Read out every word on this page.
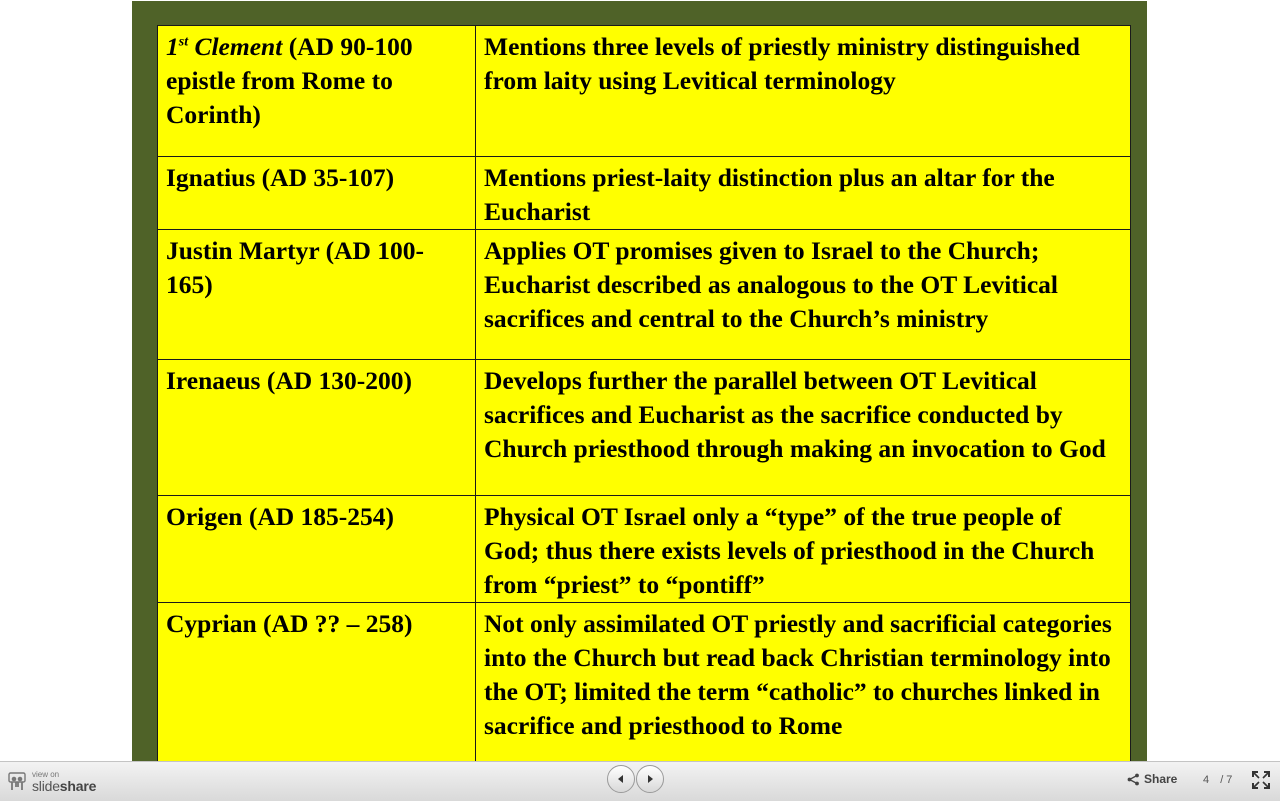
1st Clement (AD 90-100 epistle from Rome to Corinth)	Mentions three levels of priestly ministry distinguished from laity using Levitical terminology
Ignatius (AD 35-107)	Mentions priest-laity distinction plus an altar for the Eucharist
Justin Martyr (AD 100-165)	Applies OT promises given to Israel to the Church; Eucharist described as analogous to the OT Levitical sacrifices and central to the Church’s ministry
Irenaeus (AD 130-200)	Develops further the parallel between OT Levitical sacrifices and Eucharist as the sacrifice conducted by Church priesthood through making an invocation to God
Origen (AD 185-254)	Physical OT Israel only a “type” of the true people of God; thus there exists levels of priesthood in the Church from “priest” to “pontiff”
Cyprian (AD ?? – 258)	Not only assimilated OT priestly and sacrificial categories into the Church but read back Christian terminology into the OT; limited the term “catholic” to churches linked in sacrifice and priesthood to Rome
view on
slideshare	Share 4 / 7
